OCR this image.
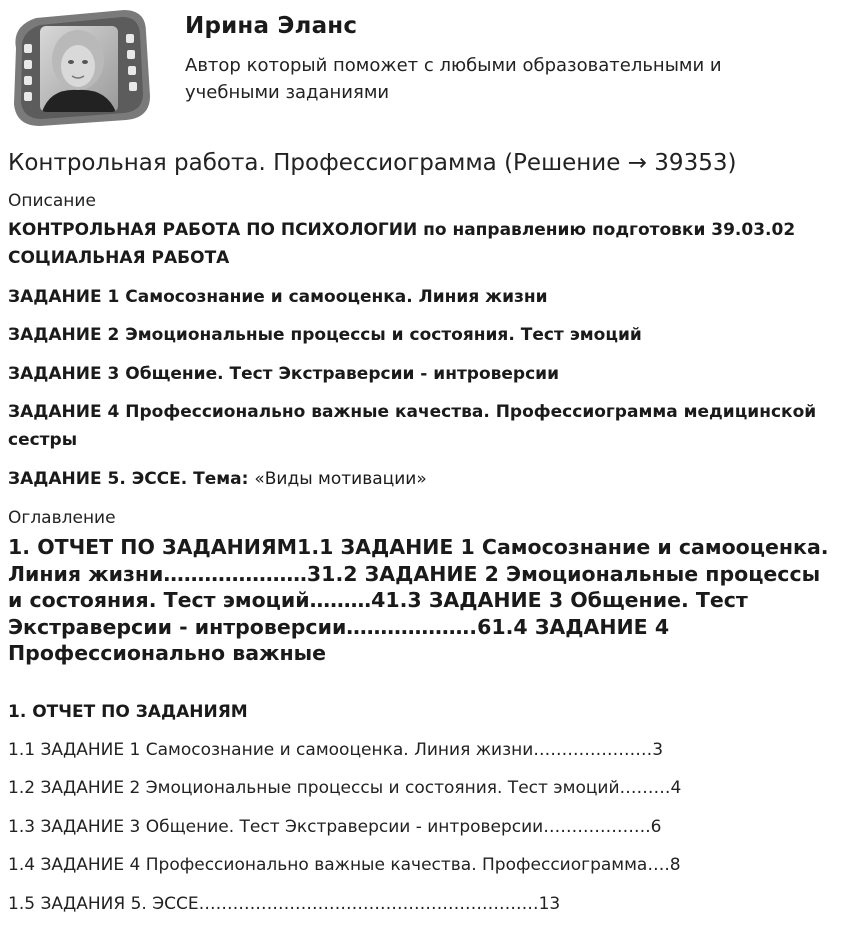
Ирина Эланс
Автор который поможет с любыми образовательными и учебными заданиями
Контрольная работа. Профессиограмма (Решение → 39353)
Описание
КОНТРОЛЬНАЯ РАБОТА ПО ПСИХОЛОГИИ по направлению подготовки 39.03.02 СОЦИАЛЬНАЯ РАБОТА
ЗАДАНИЕ 1 Самосознание и самооценка. Линия жизни
ЗАДАНИЕ 2 Эмоциональные процессы и состояния. Тест эмоций
ЗАДАНИЕ 3 Общение. Тест Экстраверсии - интроверсии
ЗАДАНИЕ 4 Профессионально важные качества. Профессиограмма медицинской сестры
ЗАДАНИЕ 5. ЭССЕ. Тема: «Виды мотивации»
Оглавление
1. ОТЧЕТ ПО ЗАДАНИЯМ1.1 ЗАДАНИЕ 1 Самосознание и самооценка. Линия жизни…………………31.2 ЗАДАНИЕ 2 Эмоциональные процессы и состояния. Тест эмоций………41.3 ЗАДАНИЕ 3 Общение. Тест Экстраверсии - интроверсии……………….61.4 ЗАДАНИЕ 4 Профессионально важные
1. ОТЧЕТ ПО ЗАДАНИЯМ
1.1 ЗАДАНИЕ 1 Самосознание и самооценка. Линия жизни…………………3
1.2 ЗАДАНИЕ 2 Эмоциональные процессы и состояния. Тест эмоций………4
1.3 ЗАДАНИЕ 3 Общение. Тест Экстраверсии - интроверсии……………….6
1.4 ЗАДАНИЕ 4 Профессионально важные качества. Профессиограмма….8
1.5 ЗАДАНИЯ 5. ЭССЕ……………………………………………………13
